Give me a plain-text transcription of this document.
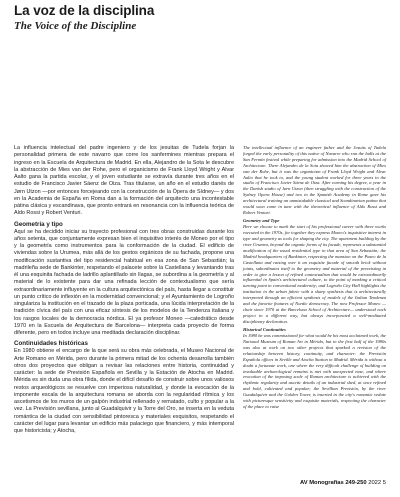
La voz de la disciplina
The Voice of the Discipline

La influencia intelectual del padre ingeniero y de los jesuitas de Tudela forjan la personalidad primera de este navarro que corre los sanfermines mientras prepara el ingreso en la Escuela de Arquitectura de Madrid. En ella, Alejandro de la Sota le descubre la abstracción de Mies van der Rohe, pero el organicismo de Frank Lloyd Wright y Alvar Aalto gana la partida escolar, y el joven estudiante se extravía durante tres años en el estudio de Francisco Javier Sáenz de Oiza. Tras titularse, un año en el estudio danés de Jørn Utzon —por entonces forcejeando con la construcción de la Ópera de Sídney— y dos en la Academia de España en Roma dan a la formación del arquitecto una incontestable pátina clásica y escandinava, que pronto entrará en resonancia con la influencia teórica de Aldo Rossi y Robert Venturi.

Geometría y tipo

Aquí se ha decidido iniciar su trayecto profesional con tres obras construidas durante los años setenta, que conjuntamente expresan bien el inquisitivo interés de Moneo por el tipo y la geometría como instrumentos para la conformación de la ciudad. El edificio de viviendas sobre la Urumea, más allá de los gestos orgánicos de su fachada, propone una modificación sustantiva del tipo residencial habitual en esa zona de San Sebastián; la madrileña sede de Bankinter, respetando el palacete sobre la Castellana y levantando tras él una esquinita fachada de ladrillo aplantillado sin llagas, se subordina a la geometría y al material de lo existente para dar una refinada lección de contextualismo que sería extraordinariamente influyente en la cultura arquitectónica del país, hasta llegar a constituir un punto crítico de inflexión en la modernidad convencional; y el Ayuntamiento de Logroño singulariza la institución en el trazado de la plaza porticada, una lúcida interpretación de la tradición cívica del país con una eficaz síntesis de los modelos de la Tendenza italiana y los rasgos locales de la democracia nórdica. El ya profesor Moneo —catedrático desde 1970 en la Escuela de Arquitectura de Barcelona— interpreta cada proyecto de forma diferente, pero en todos incluye una meditada declaración disciplinar.

Continuidades históricas

En 1980 obtiene el encargo de la que será su obra más celebrada, el Museo Nacional de Arte Romano en Mérida, pero durante la primera mitad de los ochenta desarrolla también otros dos proyectos que obligan a revisar las relaciones entre historia, continuidad y carácter: la sede de Previsión Española en Sevilla y la Estación de Atocha en Madrid. Mérida es sin duda una obra fílida, donde el difícil desafío de construir sobre unos valiosos restos arqueológicos se resuelve con imperiosa naturalidad, y donde la evocación de la imponente escala de la arquitectura romana se aborda con la regularidad rítmica y los ascetismos de los muros de un galpón industrial rellenado y rematado, culto y popular a la vez. La Previsión sevillana, junto al Guadalquivir y la Torre del Oro, se inserta en la veduta romántica de la ciudad con sensibilidad pintoresca y materiales exquisitos, respetando el carácter del lugar para levantar un edificio más palaciego que financiero, y más intemporal que historicista; y Atocha,

The intellectual influence of an engineer father and the Jesuits of Tudela forged the early personality of this native of Navarre who ran the bulls at the San Fermín festival while preparing for admission into the Madrid School of Architecture. There Alejandro de la Sota showed him the abstraction of Mies van der Rohe, but it was the organicism of Frank Lloyd Wright and Alvar Aalto that he took to, and the young student worked for three years in the studio of Francisco Javier Sáenz de Oiza. After earning his degree, a year in the Danish studio of Jørn Utzon (then struggling with the construction of the Sydney Opera House) and two in the Spanish Academy in Rome gave his architectural training an unmistakable classical and Scandinavian patina that would soon come in tune with the theoretical influence of Aldo Rossi and Robert Venturi.

Geometry and Type

Here we choose to mark the start of his professional career with three works executed in the 1970s, for together they express Moneo's inquisitive interest in type and geometry as tools for shaping the city. The apartment building by the river Urumea, beyond the organic forms of its facade, represents a substantial modification of the usual residential type in that area of San Sebastián; the Madrid headquarters of Bankinter, respecting the mansion on the Paseo de la Castellana and raising over it an exquisite facade of smooth brick without joints, subordinates itself to the geometry and material of the preexisting in order to give a lesson of refined contextualism that would be extraordinarily influential in Spain's architectural culture, to the point of marking a critical turning point in conventional modernity; and Logroño City Hall highlights the institution in the urban fabric with a sharp synthesis that is architecturally interpreted through an efficient synthesis of models of the Italian Tendenza and the favorite features of Nordic democracy. The now Professor Moneo —chair since 1970 at the Barcelona School of Architecture— understood each project in a different way, but always incorporated a well-meditated disciplinary declaration.

Historical Continuities

In 1980 he was commissioned for what would be his most acclaimed work, the National Museum of Roman Art in Mérida, but in the first half of the 1980s was also at work on two other projects that sparked a revision of the relationship between history, continuity, and character: the Previsión Española offices in Seville and Atocha Station in Madrid. Mérida is without a doubt a fortunate work, one where the very difficult challenge of building on invaluable archaeological remains is met with unexpected ease, and where evocation of the imposing scale of Roman architecture is achieved with the rhythmic regularity and ascetic details of an industrial shed, at once refined and bold, cultivated and popular; the Sevillian Previsión, by the river Guadalquivir and the Golden Tower, is inserted in the city's romantic vedute with picturesque sensitivity and exquisite materials, respecting the character of the place to raise

AV Monografías 249-250 2022 5
